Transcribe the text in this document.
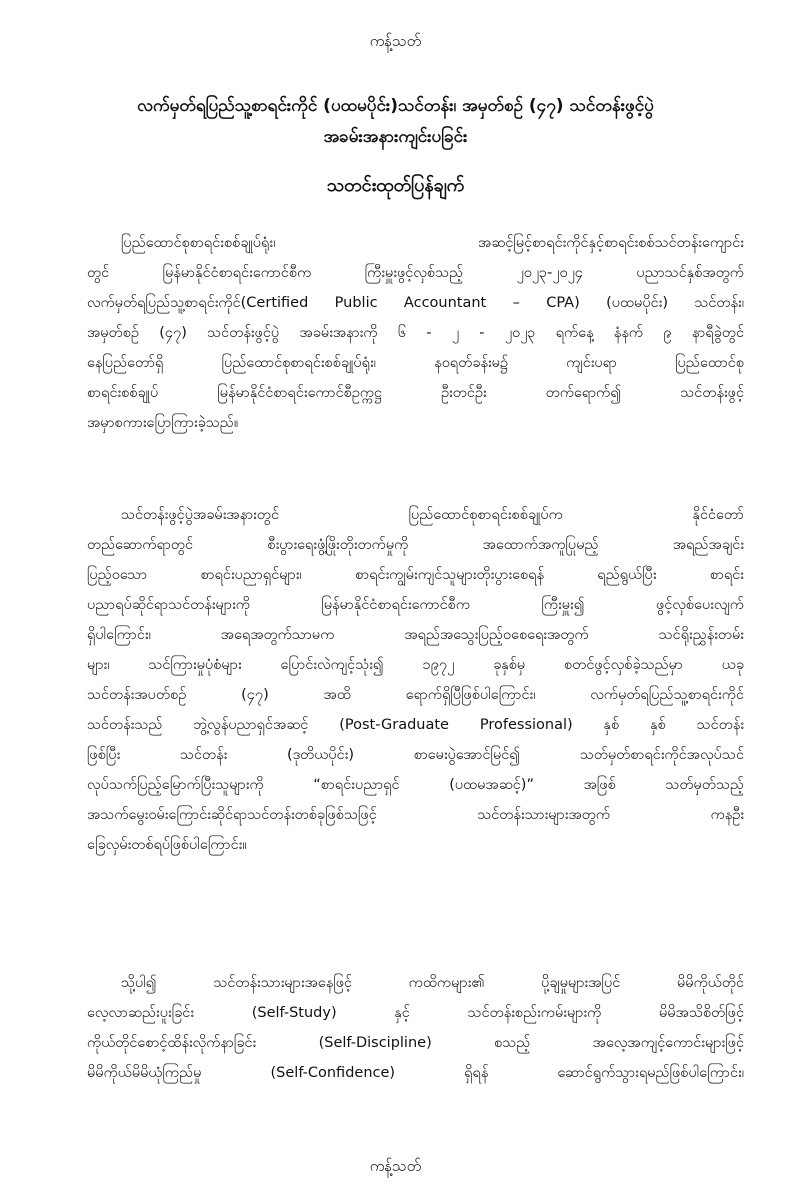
ကန့်သတ်
လက်မှတ်ရပြည်သူ့စာရင်းကိုင် (ပထမပိုင်း)သင်တန်း၊ အမှတ်စဉ် (၄၇) သင်တန်းဖွင့်ပွဲ
အခမ်းအနားကျင်းပခြင်း
သတင်းထုတ်ပြန်ချက်
ပြည်ထောင်စုစာရင်းစစ်ချုပ်ရုံး၊ အဆင့်မြင့်စာရင်းကိုင်နှင့်စာရင်းစစ်သင်တန်းကျောင်း
တွင် မြန်မာနိုင်ငံစာရင်းကောင်စီက ကြီးမှူးဖွင့်လှစ်သည့် ၂၀၂၃-၂၀၂၄ ပညာသင်နှစ်အတွက်
လက်မှတ်ရပြည်သူ့စာရင်းကိုင်(Certified Public Accountant – CPA) (ပထမပိုင်း) သင်တန်း၊
အမှတ်စဉ် (၄၇) သင်တန်းဖွင့်ပွဲ အခမ်းအနားကို ၆ - ၂ - ၂၀၂၃ ရက်နေ့ နံနက် ၉ နာရီခွဲတွင်
နေပြည်တော်ရှိ ပြည်ထောင်စုစာရင်းစစ်ချုပ်ရုံး၊ နဝရတ်ခန်းမ၌ ကျင်းပရာ ပြည်ထောင်စု
စာရင်းစစ်ချုပ် မြန်မာနိုင်ငံစာရင်းကောင်စီဥက္ကဋ္ဌ ဦးတင်ဦး တက်ရောက်၍ သင်တန်းဖွင့်
အမှာစကားပြောကြားခဲ့သည်။
သင်တန်းဖွင့်ပွဲအခမ်းအနားတွင် ပြည်ထောင်စုစာရင်းစစ်ချုပ်က နိုင်ငံတော်
တည်ဆောက်ရာတွင် စီးပွားရေးဖွံ့ဖြိုးတိုးတက်မှုကို အထောက်အကူပြုမည့် အရည်အချင်း
ပြည့်ဝသော စာရင်းပညာရှင်များ၊ စာရင်းကျွမ်းကျင်သူများတိုးပွားစေရန် ရည်ရွယ်ပြီး စာရင်း
ပညာရပ်ဆိုင်ရာသင်တန်းများကို မြန်မာနိုင်ငံစာရင်းကောင်စီက ကြီးမှူး၍ ဖွင့်လှစ်ပေးလျက်
ရှိပါကြောင်း၊ အရေအတွက်သာမက အရည်အသွေးပြည့်ဝစေရေးအတွက် သင်ရိုးညွှန်းတမ်း
များ၊ သင်ကြားမှုပုံစံများ ပြောင်းလဲကျင့်သုံး၍ ၁၉၇၂ ခုနှစ်မှ စတင်ဖွင့်လှစ်ခဲ့သည်မှာ ယခု
သင်တန်းအပတ်စဉ် (၄၇) အထိ ရောက်ရှိပြီဖြစ်ပါကြောင်း၊ လက်မှတ်ရပြည်သူ့စာရင်းကိုင်
သင်တန်းသည် ဘွဲ့လွန်ပညာရှင်အဆင့် (Post-Graduate Professional) နှစ် နှစ် သင်တန်း
ဖြစ်ပြီး သင်တန်း (ဒုတိယပိုင်း) စာမေးပွဲအောင်မြင်၍ သတ်မှတ်စာရင်းကိုင်အလုပ်သင်
လုပ်သက်ပြည့်မြောက်ပြီးသူများကို “စာရင်းပညာရှင် (ပထမအဆင့်)” အဖြစ် သတ်မှတ်သည့်
အသက်မွေးဝမ်းကြောင်းဆိုင်ရာသင်တန်းတစ်ခုဖြစ်သဖြင့် သင်တန်းသားများအတွက် ကနဦး
ခြေလှမ်းတစ်ရပ်ဖြစ်ပါကြောင်း။
သို့ပါ၍ သင်တန်းသားများအနေဖြင့် ကထိကများ၏ ပို့ချမှုများအပြင် မိမိကိုယ်တိုင်
လေ့လာဆည်းပူးခြင်း (Self-Study) နှင့် သင်တန်းစည်းကမ်းများကို မိမိအသိစိတ်ဖြင့်
ကိုယ်တိုင်စောင့်ထိန်းလိုက်နာခြင်း (Self-Discipline) စသည့် အလေ့အကျင့်ကောင်းများဖြင့်
မိမိကိုယ်မိမိယုံကြည်မှု (Self-Confidence) ရှိရန် ဆောင်ရွက်သွားရမည်ဖြစ်ပါကြောင်း၊
ကန့်သတ်
